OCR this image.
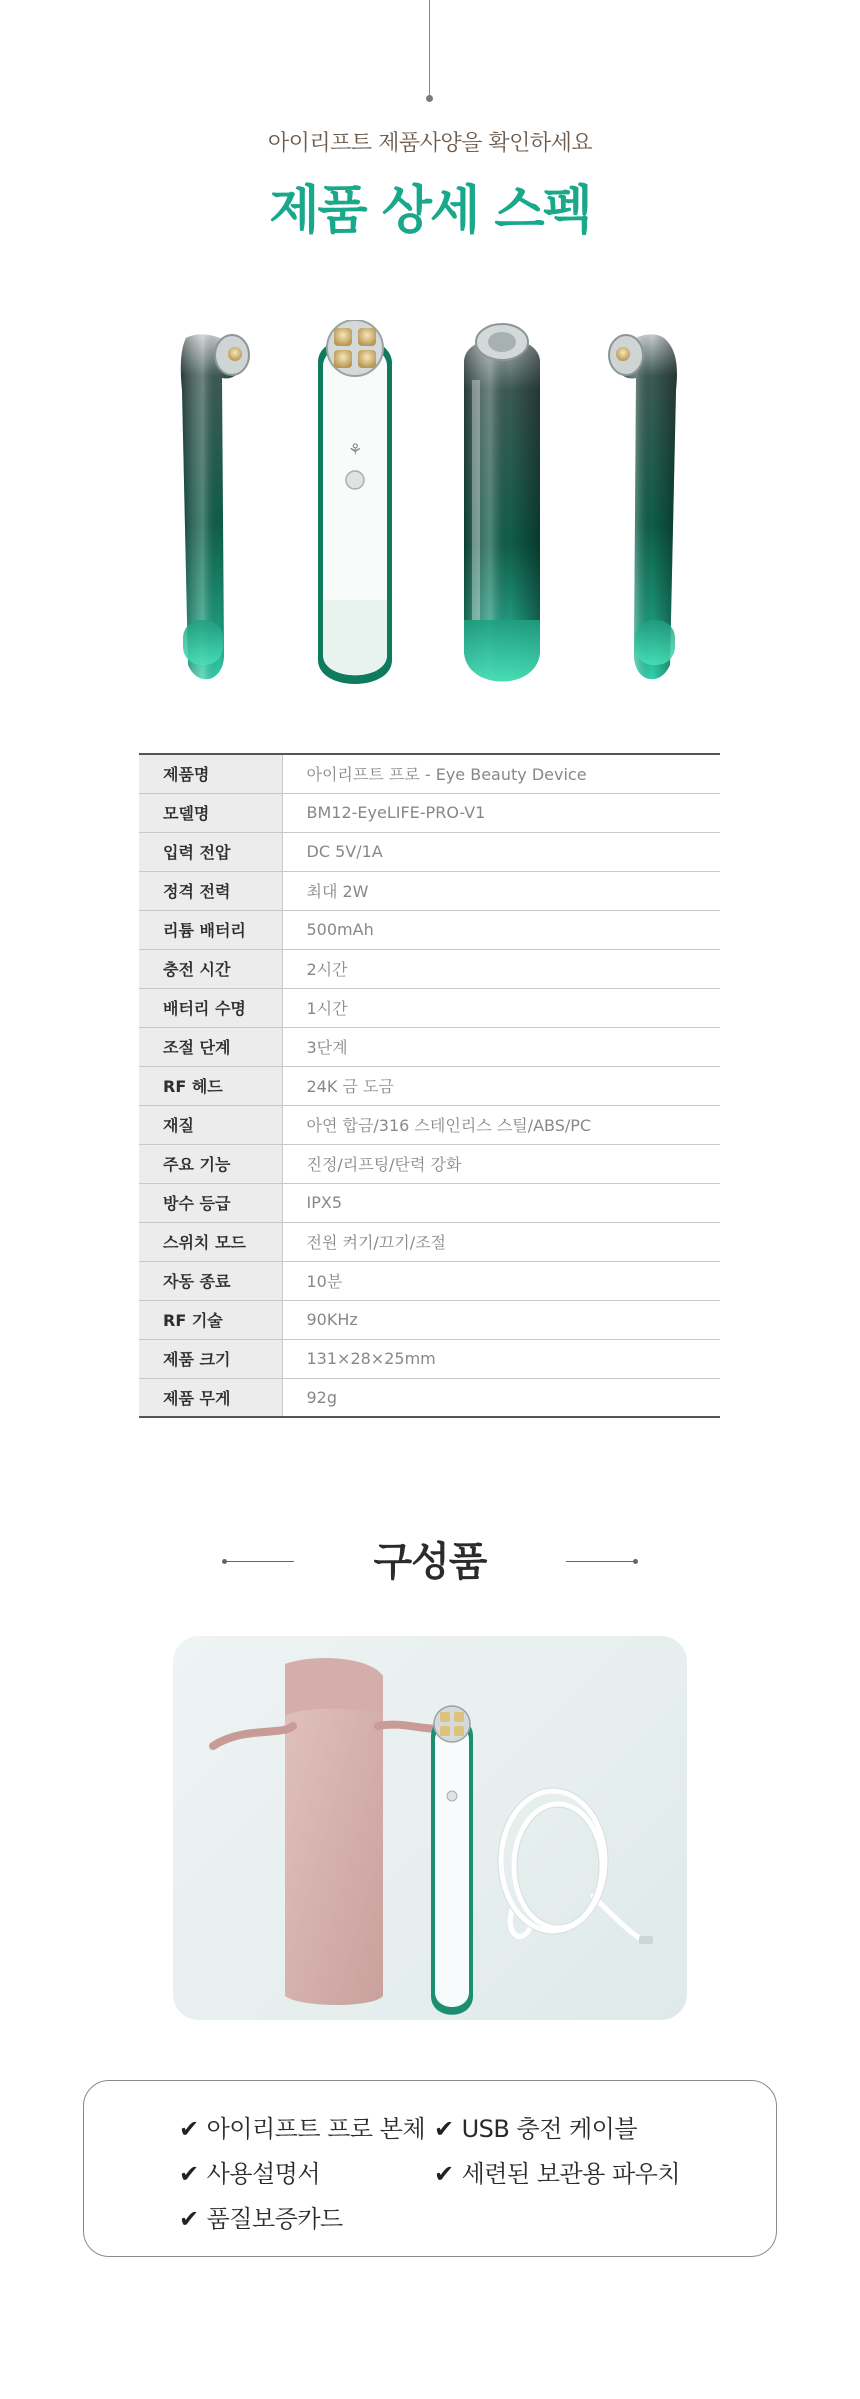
아이리프트 제품사양을 확인하세요
제품 상세 스펙
⚘
제품명	아이리프트 프로 - Eye Beauty Device
모델명	BM12-EyeLIFE-PRO-V1
입력 전압	DC 5V/1A
정격 전력	최대 2W
리튬 배터리	500mAh
충전 시간	2시간
배터리 수명	1시간
조절 단계	3단계
RF 헤드	24K 금 도금
재질	아연 합금/316 스테인리스 스틸/ABS/PC
주요 기능	진정/리프팅/탄력 강화
방수 등급	IPX5
스위치 모드	전원 켜기/끄기/조절
자동 종료	10분
RF 기술	90KHz
제품 크기	131×28×25mm
제품 무게	92g
구성품
✔ 아이리프트 프로 본체 ✔ USB 충전 케이블
✔ 사용설명서	✔ 세련된 보관용 파우치
✔ 품질보증카드
